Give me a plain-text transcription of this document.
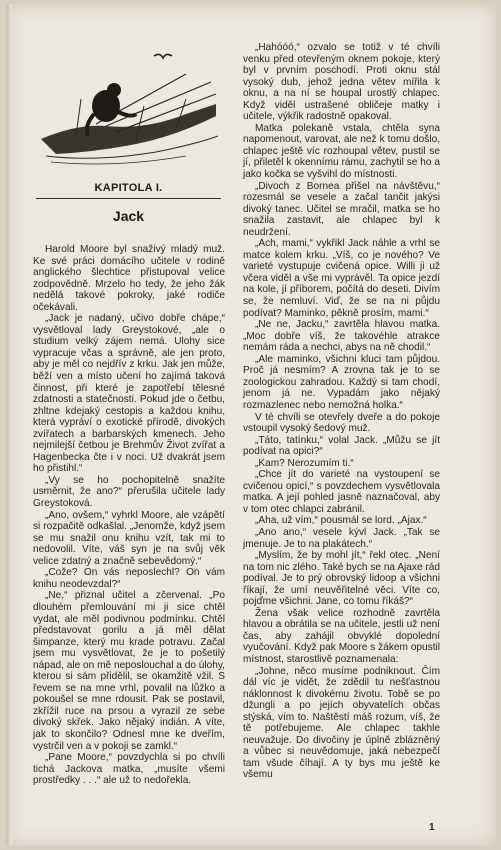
KAPITOLA I.
Jack

Harold Moore byl snaživý mladý muž. Ke své práci domácího učitele v rodině anglického šlechtice přistupoval velice zodpovědně. Mrzelo ho tedy, že jeho žák nedělá takové pokroky, jaké rodiče očekávali.

„Jack je nadaný, učivo dobře chápe,“ vysvětloval lady Greystokové, „ale o studium velký zájem nemá. Ulohy sice vypracuje včas a správně, ale jen proto, aby je měl co nejdřív z krku. Jak jen může, běží ven a místo učení ho zajímá taková činnost, při které je zapotřebí tělesné zdatnosti a statečnosti. Pokud jde o četbu, zhltne kdejaký cestopis a každou knihu, která vypráví o exotické přírodě, divokých zvířatech a barbarských kmenech. Jeho nejmilejší četbou je Brehmův Život zvířat a Hagenbecka čte i v noci. Už dvakrát jsem ho přistihl.“

„Vy se ho pochopitelně snažíte usměrnit, že ano?“ přerušila učitele lady Greystoková.

„Ano, ovšem,“ vyhrkl Moore, ale vzápětí si rozpačitě odkašlal. „Jenomže, když jsem se mu snažil onu knihu vzít, tak mi to nedovolil. Víte, váš syn je na svůj věk velice zdatný a značně sebevědomý.“

„Cože? On vás neposlechl? On vám knihu neodevzdal?“

„Ne,“ přiznal učitel a zčervenal. „Po dlouhém přemlouvání mi ji sice chtěl vydat, ale měl podivnou podmínku. Chtěl představovat gorilu a já měl dělat šimpanze, který mu krade potravu. Začal jsem mu vysvětlovat, že je to pošetilý nápad, ale on mě neposlouchal a do úlohy, kterou si sám přidělil, se okamžitě vžil. S řevem se na mne vrhl, povalil na lůžko a pokoušel se mne rdousit. Pak se postavil, zkřížil ruce na prsou a vyrazil ze sebe divoký skřek. Jako nějaký indián. A víte, jak to skončilo? Odnesl mne ke dveřím, vystrčil ven a v pokoji se zamkl.“

„Pane Moore,“ povzdychla si po chvíli tichá Jackova matka, „musíte všemi prostředky . . .“ ale už to nedořekla.

„Hahóóó,“ ozvalo se totiž v té chvíli venku před otevřeným oknem pokoje, který byl v prvním poschodí. Proti oknu stál vysoký dub, jehož jedna větev mířila k oknu, a na ní se houpal urostlý chlapec. Když viděl ustrašené obličeje matky i učitele, výkřik radostně opakoval.

Matka polekaně vstala, chtěla syna napomenout, varovat, ale než k tomu došlo, chlapec ještě víc rozhoupal větev, pustil se jí, přiletěl k okennímu rámu, zachytil se ho a jako kočka se vyšvihl do místnosti.

„Divoch z Bornea přišel na návštěvu,“ rozesmál se vesele a začal tančit jakýsi divoký tanec. Učitel se mračil, matka se ho snažila zastavit, ale chlapec byl k neudržení.

„Ach, mami,“ vykřikl Jack náhle a vrhl se matce kolem krku. „Víš, co je nového? Ve varieté vystupuje cvičená opice. Willi ji už včera viděl a vše mi vyprávěl. Ta opice jezdí na kole, jí příborem, počítá do deseti. Divím se, že nemluví. Viď, že se na ni půjdu podívat? Maminko, pěkně prosím, mami.“

„Ne ne, Jacku,“ zavrtěla hlavou matka. „Moc dobře víš, že takovéhle atrakce nemám ráda a nechci, abys na ně chodil.“

„Ale maminko, všichni kluci tam půjdou. Proč já nesmím? A zrovna tak je to se zoologickou zahradou. Každý si tam chodí, jenom já ne. Vypadám jako nějaký rozmazlenec nebo nemožná holka.“

V té chvíli se otevřely dveře a do pokoje vstoupil vysoký šedový muž.

„Táto, tatínku,“ volal Jack. „Můžu se jít podívat na opici?“

„Kam? Nerozumím ti.“

„Chce jít do varieté na vystoupení se cvičenou opicí,“ s povzdechem vysvětlovala matka. A její pohled jasně naznačoval, aby v tom otec chlapci zabránil.

„Aha, už vím,“ pousmál se lord. „Ajax.“

„Ano ano,“ vesele kývl Jack. „Tak se jmenuje. Je to na plakátech.“

„Myslím, že by mohl jít,“ řekl otec. „Není na tom nic zlého. Také bych se na Ajaxe rád podíval. Je to prý obrovský lidoop a všichni říkají, že umí neuvěřitelné věci. Víte co, pojďme všichni. Jane, co tomu říkáš?“

Žena však velice rozhodně zavrtěla hlavou a obrátila se na učitele, jestli už není čas, aby zahájil obvyklé dopolední vyučování. Když pak Moore s žákem opustil místnost, starostlivě poznamenala:

„Johne, něco musíme podniknout. Čím dál víc je vidět, že zdědil tu nešťastnou náklonnost k divokému životu. Tobě se po džungli a po jejích obyvatelích občas stýská, vím to. Naštěstí máš rozum, víš, že tě potřebujeme. Ale chlapec takhle neuvažuje. Do divočiny je úplně zblázněný a vůbec si neuvědomuje, jaká nebezpečí tam všude číhají. A ty bys mu ještě ke všemu

1
